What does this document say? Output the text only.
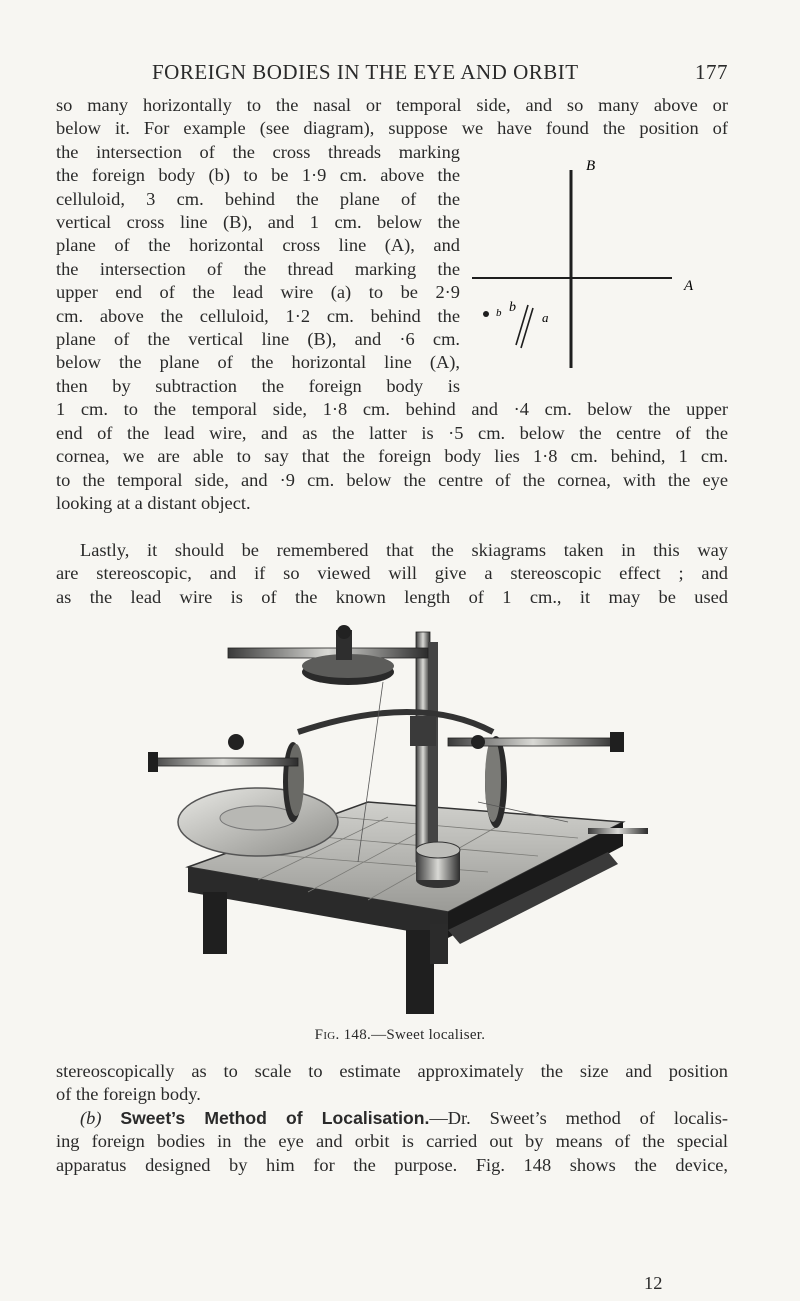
FOREIGN BODIES IN THE EYE AND ORBIT	177

so many horizontally to the nasal or temporal side, and so many above or
below it. For example (see diagram), suppose we have found the position of
the intersection of the cross threads marking
the foreign body (b) to be 1·9 cm. above the
celluloid, 3 cm. behind the plane of the
vertical cross line (B), and 1 cm. below the
plane of the horizontal cross line (A), and
the intersection of the thread marking the
upper end of the lead wire (a) to be 2·9
cm. above the celluloid, 1·2 cm. behind the
plane of the vertical line (B), and ·6 cm.
below the plane of the horizontal line (A),
then by subtraction the foreign body is
1 cm. to the temporal side, 1·8 cm. behind and ·4 cm. below the upper
end of the lead wire, and as the latter is ·5 cm. below the centre of the
cornea, we are able to say that the foreign body lies 1·8 cm. behind, 1 cm.
to the temporal side, and ·9 cm. below the centre of the cornea, with the eye
looking at a distant object.

b b
a
B
A

Lastly, it should be remembered that the skiagrams taken in this way
are stereoscopic, and if so viewed will give a stereoscopic effect ; and
as the lead wire is of the known length of 1 cm., it may be used

Fig. 148.—Sweet localiser.

stereoscopically as to scale to estimate approximately the size and position
of the foreign body.

(b) Sweet’s Method of Localisation.—Dr. Sweet’s method of localis-
ing foreign bodies in the eye and orbit is carried out by means of the special
apparatus designed by him for the purpose. Fig. 148 shows the device,

12
